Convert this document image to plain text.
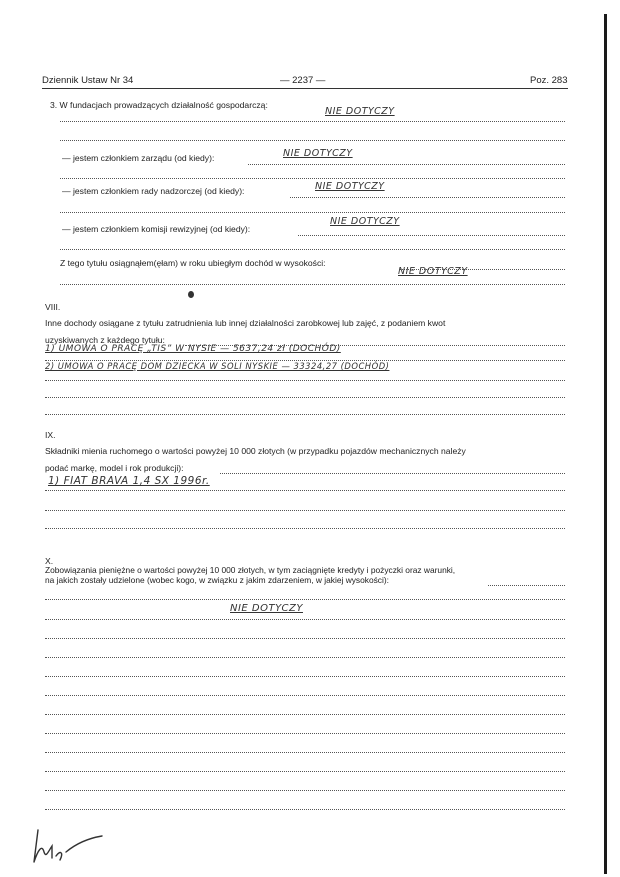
Dziennik Ustaw Nr 34	— 2237 —	Poz. 283
3. W fundacjach prowadzących działalność gospodarczą:
NIE DOTYCZY
— jestem członkiem zarządu (od kiedy):	NIE DOTYCZY
— jestem członkiem rady nadzorczej (od kiedy):	NIE DOTYCZY
— jestem członkiem komisji rewizyjnej (od kiedy):
NIE DOTYCZY
Z tego tytułu osiągnąłem(ęłam) w roku ubiegłym dochód w wysokości:
NIE DOTYCZY
VIII.
Inne dochody osiągane z tytułu zatrudnienia lub innej działalności zarobkowej lub zajęć, z podaniem kwot
uzyskiwanych z każdego tytułu:
1) UMOWA O PRACĘ „TIS” W NYSIE — 5637,24 zł (DOCHÓD)
2) UMOWA O PRACĘ DOM DZIECKA W SOLI NYSKIE — 33324,27 (DOCHÓD)
IX.
Składniki mienia ruchomego o wartości powyżej 10 000 złotych (w przypadku pojazdów mechanicznych należy
podać markę, model i rok produkcji):
1) FIAT BRAVA 1,4 SX 1996r.
X.
Zobowiązania pieniężne o wartości powyżej 10 000 złotych, w tym zaciągnięte kredyty i pożyczki oraz warunki,
na jakich zostały udzielone (wobec kogo, w związku z jakim zdarzeniem, w jakiej wysokości):
NIE DOTYCZY
